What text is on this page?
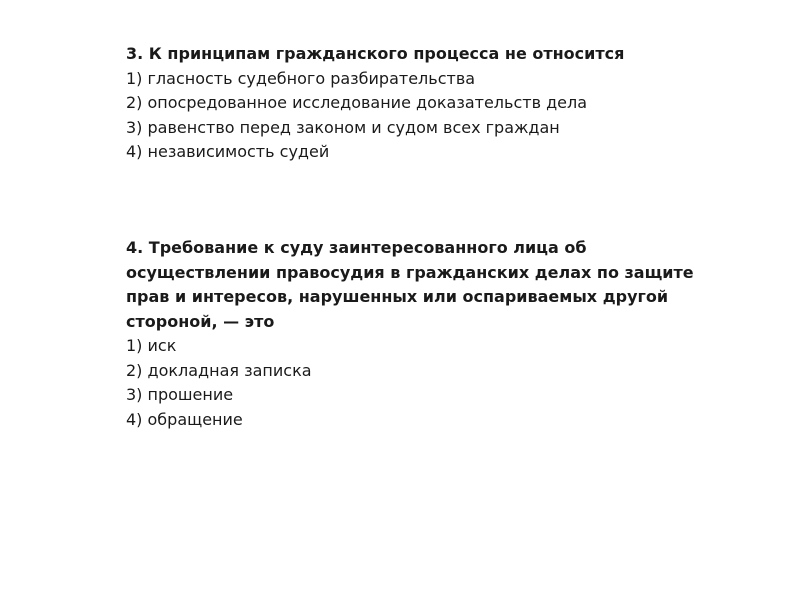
3. К принципам гражданского процесса не относится
1) гласность судебного разбирательства
2) опосредованное исследование доказательств дела
3) равенство перед законом и судом всех граждан
4) независимость судей
4. Требование к суду заинтересованного лица об
осуществлении правосудия в гражданских делах по защите
прав и интересов, нарушенных или оспариваемых другой
стороной, — это
1) иск
2) докладная записка
3) прошение
4) обращение
